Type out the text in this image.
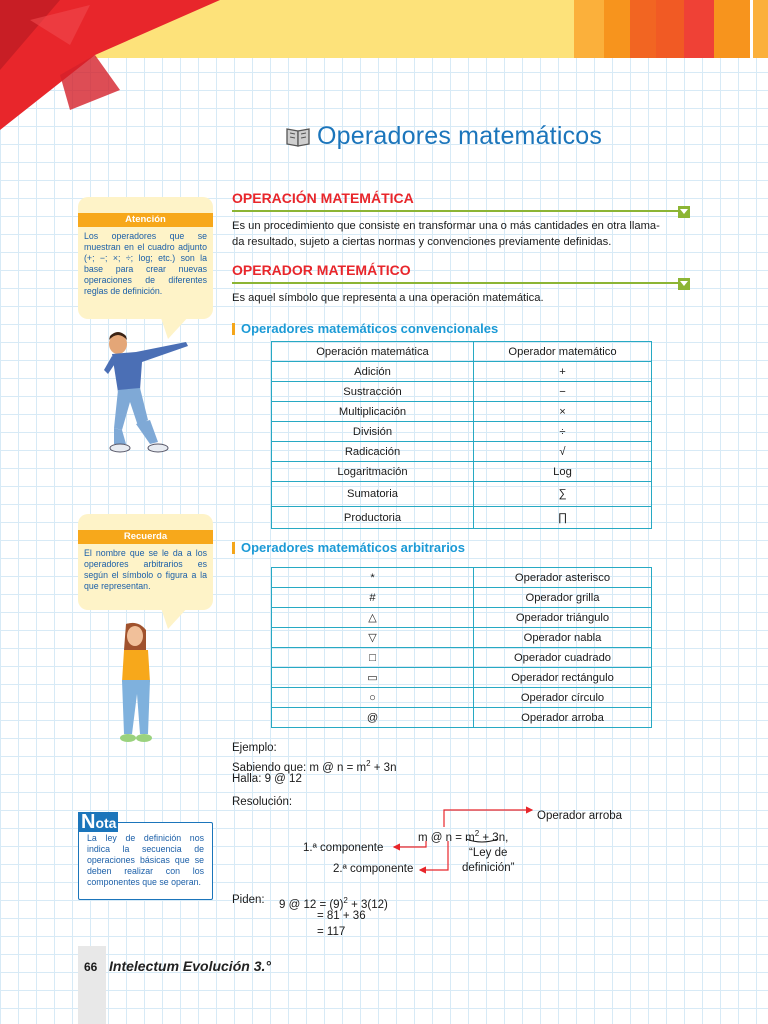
Operadores matemáticos
OPERACIÓN MATEMÁTICA
Es un procedimiento que consiste en transformar una o más cantidades en otra llama-
da resultado, sujeto a ciertas normas y convenciones previamente definidas.
OPERADOR MATEMÁTICO
Es aquel símbolo que representa a una operación matemática.
Operadores matemáticos convencionales
Operación matemática	Operador matemático
Adición	+
Sustracción	−
Multiplicación	×
División	÷
Radicación	√
Logaritmación	Log
Sumatoria	∑
Productoria	∏
Operadores matemáticos arbitrarios
*	Operador asterisco
#	Operador grilla
△	Operador triángulo
▽	Operador nabla
□	Operador cuadrado
▭	Operador rectángulo
○	Operador círculo
@	Operador arroba
Ejemplo:
Sabiendo que: m @ $n = m^2 + 3n$
Halla: 9 @ 12
Resolución:
Operador arroba
m @ $n = m^2 + 3n$,
1.ª componente
2.ª componente
“Ley de
definición”
Piden: 9 @ $12 = (9)^2 + 3(12)$
= 81 + 36
= 117
Atención
Los operadores que se muestran en el cuadro adjunto (+; −; ×; ÷; log; etc.) son la base para crear nuevas operaciones de diferentes reglas de definición.
Recuerda
El nombre que se le da a los operadores arbitrarios es según el símbolo o figura a la que representan.
La ley de definición nos indica la secuencia de operaciones básicas que se deben realizar con los componentes que se operan.
Nota
66 Intelectum Evolución 3.°
